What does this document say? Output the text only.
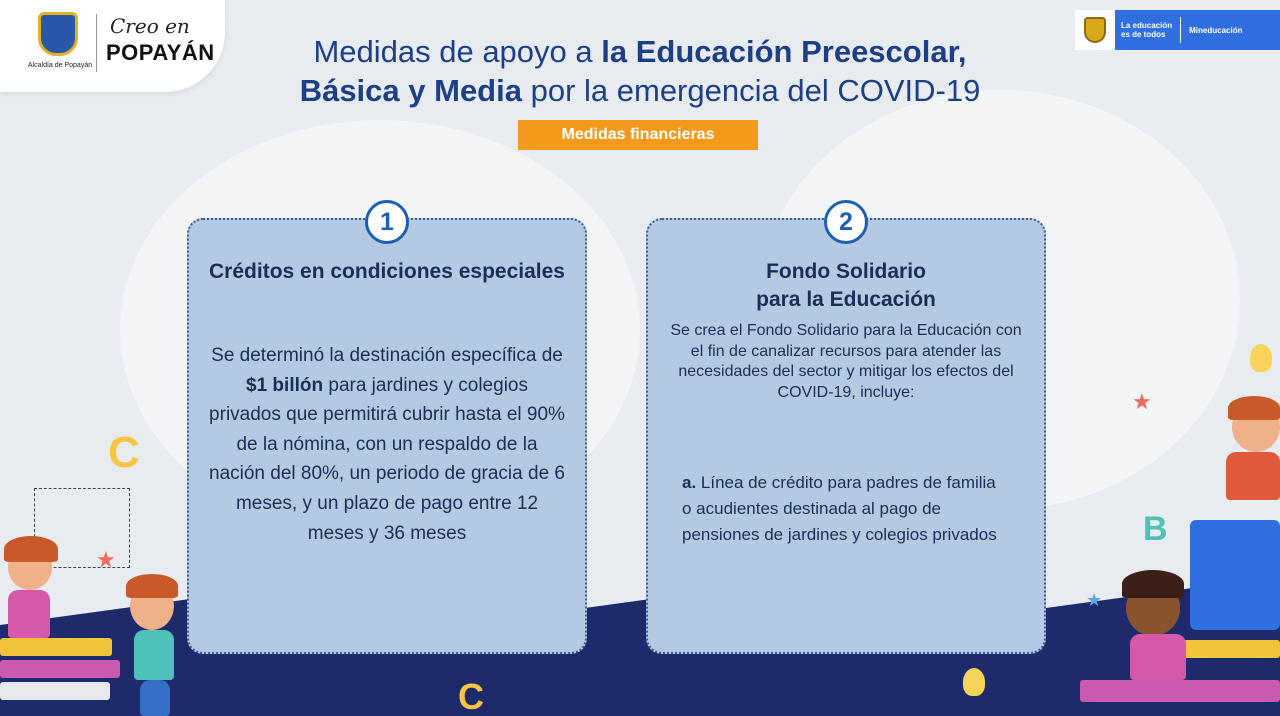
Alcaldía de Popayán
Creo en
POPAYÁN
La educación
es de todos	Mineducación
Medidas de apoyo a la Educación Preescolar,
Básica y Media por la emergencia del COVID-19
Medidas financieras
1
Créditos en condiciones especiales
Se determinó la destinación específica de $1 billón para jardines y colegios privados que permitirá cubrir hasta el 90% de la nómina, con un respaldo de la nación del 80%, un periodo de gracia de 6 meses, y un plazo de pago entre 12 meses y 36 meses
2
Fondo Solidario
para la Educación
Se crea el Fondo Solidario para la Educación con el fin de canalizar recursos para atender las necesidades del sector y mitigar los efectos del COVID-19, incluye:
a. Línea de crédito para padres de familia o acudientes destinada al pago de pensiones de jardines y colegios privados
C
C
B
★
★
★
